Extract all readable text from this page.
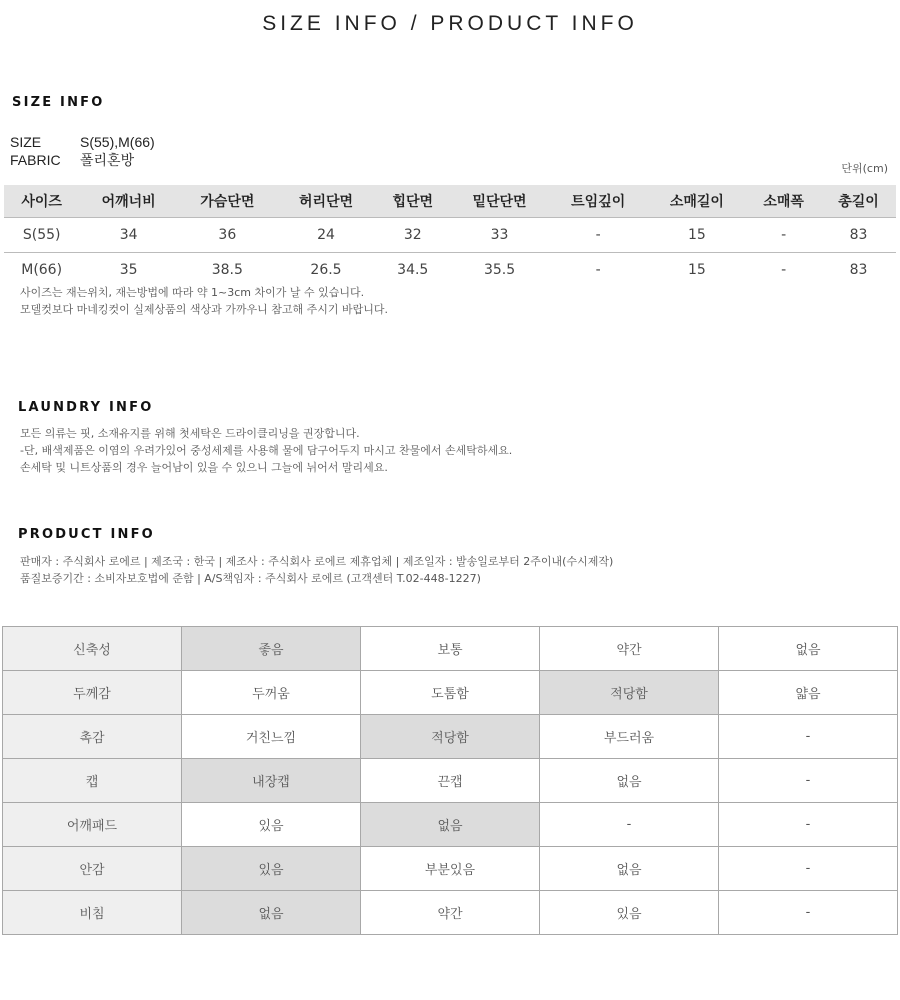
SIZE INFO / PRODUCT INFO
SIZE INFO
SIZE	S(55),M(66)
FABRIC 폴리혼방
단위(cm)
사이즈	어깨너비	가슴단면	허리단면	힙단면	밑단단면	트임깊이	소매길이	소매폭	총길이
S(55)	34	36	24	32	33	-	15	-	83
M(66)	35	38.5	26.5	34.5	35.5	-	15	-	83
사이즈는 재는위치, 재는방법에 따라 약 1~3cm 차이가 날 수 있습니다.
모델컷보다 마네킹컷이 실제상품의 색상과 가까우니 참고해 주시기 바랍니다.
LAUNDRY INFO
모든 의류는 핏, 소재유지를 위해 첫세탁은 드라이클리닝을 권장합니다.
-단, 배색제품은 이염의 우려가있어 중성세제를 사용해 물에 담구어두지 마시고 찬물에서 손세탁하세요.
손세탁 및 니트상품의 경우 늘어남이 있을 수 있으니 그늘에 뉘어서 말리세요.
PRODUCT INFO
판매자 : 주식회사 로에르 | 제조국 : 한국 | 제조사 : 주식회사 로에르 제휴업체 | 제조일자 : 발송일로부터 2주이내(수시제작)
품질보증기간 : 소비자보호법에 준함 | A/S책임자 : 주식회사 로에르 (고객센터 T.02-448-1227)
신축성	좋음	보통	약간	없음
두께감	두꺼움	도톰함	적당함	얇음
촉감	거친느낌	적당함	부드러움	-
캡	내장캡	끈캡	없음	-
어깨패드	있음	없음	-	-
안감	있음	부분있음	없음	-
비침	없음	약간	있음	-
